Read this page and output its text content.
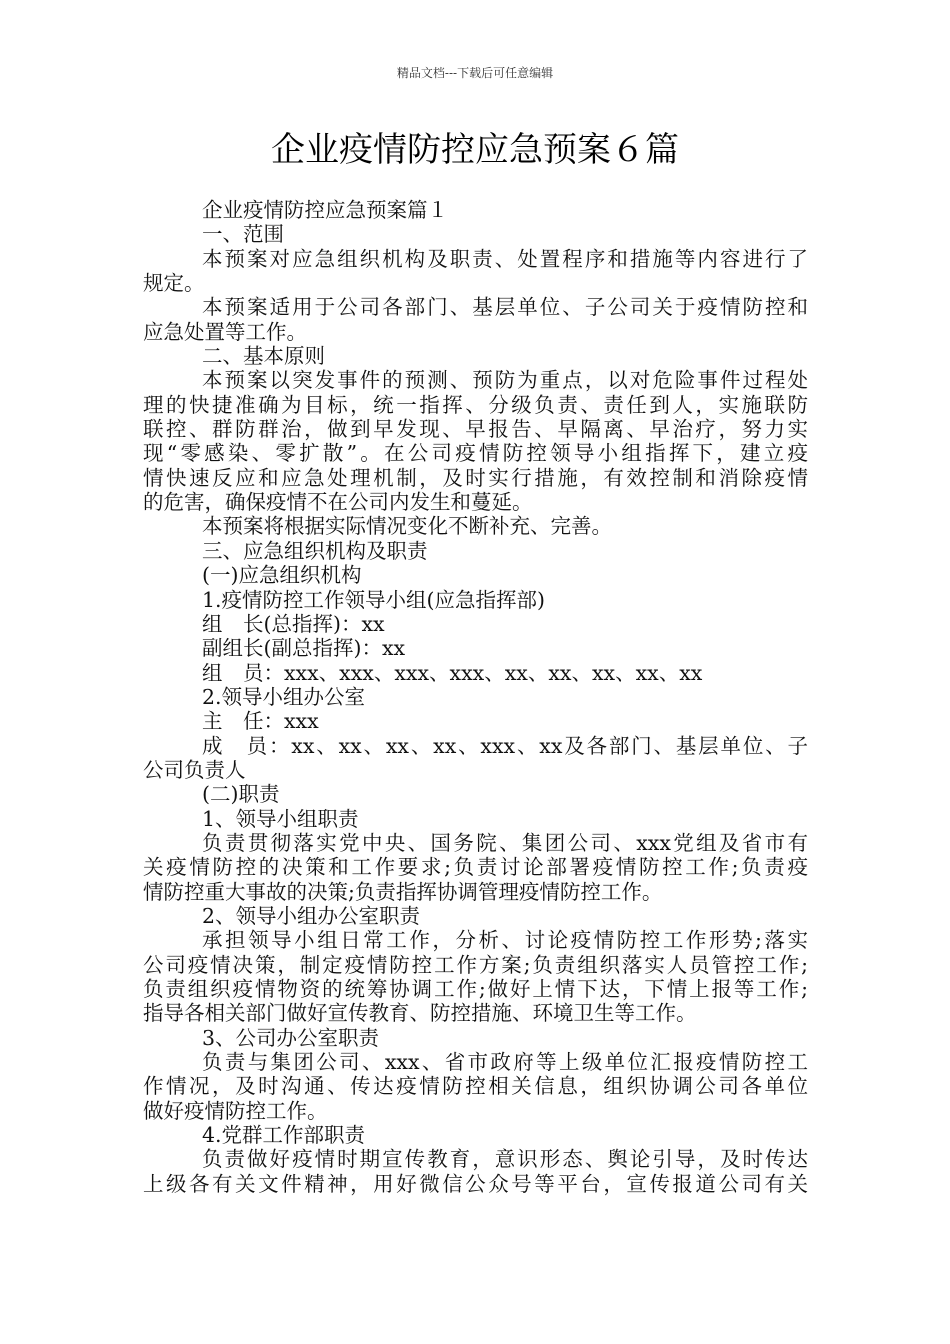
精品文档---下载后可任意编辑
企业疫情防控应急预案６篇
企业疫情防控应急预案篇１
一、范围
本预案对应急组织机构及职责、处置程序和措施等内容进行了
规定。
本预案适用于公司各部门、基层单位、子公司关于疫情防控和
应急处置等工作。
二、基本原则
本预案以突发事件的预测、预防为重点，以对危险事件过程处
理的快捷准确为目标，统一指挥、分级负责、责任到人，实施联防
联控、群防群治，做到早发现、早报告、早隔离、早治疗，努力实
现“零感染、零扩散”。在公司疫情防控领导小组指挥下，建立疫
情快速反应和应急处理机制，及时实行措施，有效控制和消除疫情
的危害，确保疫情不在公司内发生和蔓延。
本预案将根据实际情况变化不断补充、完善。
三、应急组织机构及职责
(一)应急组织机构
1.疫情防控工作领导小组(应急指挥部)
组　长(总指挥)：xx
副组长(副总指挥)：xx
组　员：xxx、xxx、xxx、xxx、xx、xx、xx、xx、xx
2.领导小组办公室
主　任：xxx
成　员：xx、xx、xx、xx、xxx、xx及各部门、基层单位、子
公司负责人
(二)职责
1、领导小组职责
负责贯彻落实党中央、国务院、集团公司、xxx党组及省市有
关疫情防控的决策和工作要求;负责讨论部署疫情防控工作;负责疫
情防控重大事故的决策;负责指挥协调管理疫情防控工作。
2、领导小组办公室职责
承担领导小组日常工作，分析、讨论疫情防控工作形势;落实
公司疫情决策，制定疫情防控工作方案;负责组织落实人员管控工作;
负责组织疫情物资的统筹协调工作;做好上情下达，下情上报等工作;
指导各相关部门做好宣传教育、防控措施、环境卫生等工作。
3、公司办公室职责
负责与集团公司、xxx、省市政府等上级单位汇报疫情防控工
作情况，及时沟通、传达疫情防控相关信息，组织协调公司各单位
做好疫情防控工作。
4.党群工作部职责
负责做好疫情时期宣传教育，意识形态、舆论引导，及时传达
上级各有关文件精神，用好微信公众号等平台，宣传报道公司有关
